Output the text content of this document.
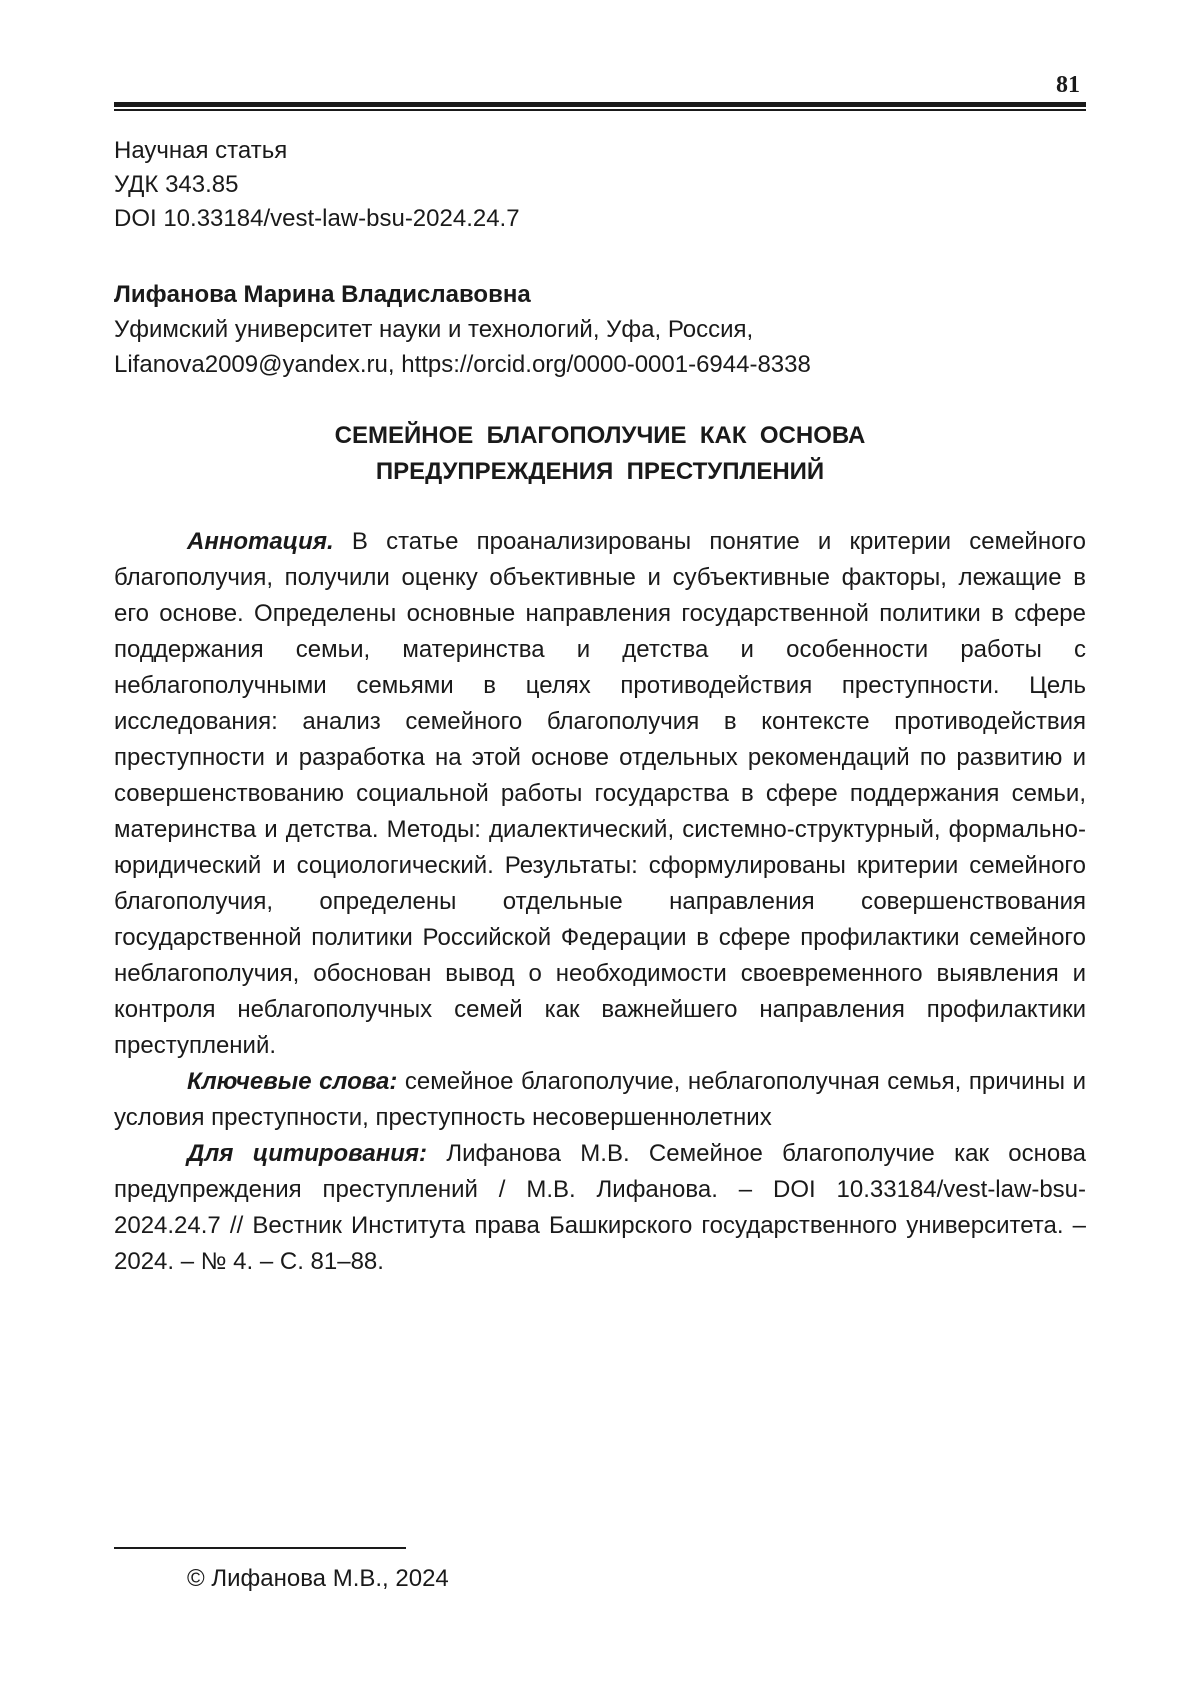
81
Научная статья
УДК 343.85
DOI 10.33184/vest-law-bsu-2024.24.7
Лифанова Марина Владиславовна
Уфимский университет науки и технологий, Уфа, Россия,
Lifanova2009@yandex.ru, https://orcid.org/0000-0001-6944-8338
СЕМЕЙНОЕ  БЛАГОПОЛУЧИЕ  КАК  ОСНОВА
ПРЕДУПРЕЖДЕНИЯ  ПРЕСТУПЛЕНИЙ

Аннотация. В статье проанализированы понятие и критерии семейного благополучия, получили оценку объективные и субъективные факторы, лежащие в его основе. Определены основные направления государственной политики в сфере поддержания семьи, материнства и детства и особенности работы с неблагополучными семьями в целях противодействия преступности. Цель исследования: анализ семейного благополучия в контексте противодействия преступности и разработка на этой основе отдельных рекомендаций по развитию и совершенствованию социальной работы государства в сфере поддержания семьи, материнства и детства. Методы: диалектический, системно-структурный, формально-юридический и социологический. Результаты: сформулированы критерии семейного благополучия, определены отдельные направления совершенствования государственной политики Российской Федерации в сфере профилактики семейного неблагополучия, обоснован вывод о необходимости своевременного выявления и контроля неблагополучных семей как важнейшего направления профилактики преступлений.

Ключевые слова: семейное благополучие, неблагополучная семья, причины и условия преступности, преступность несовершеннолетних

Для цитирования: Лифанова М.В. Семейное благополучие как основа предупреждения преступлений / М.В. Лифанова. – DOI 10.33184/vest-law-bsu-2024.24.7 // Вестник Института права Башкирского государственного университета. – 2024. – № 4. – С. 81–88.

© Лифанова М.В., 2024
